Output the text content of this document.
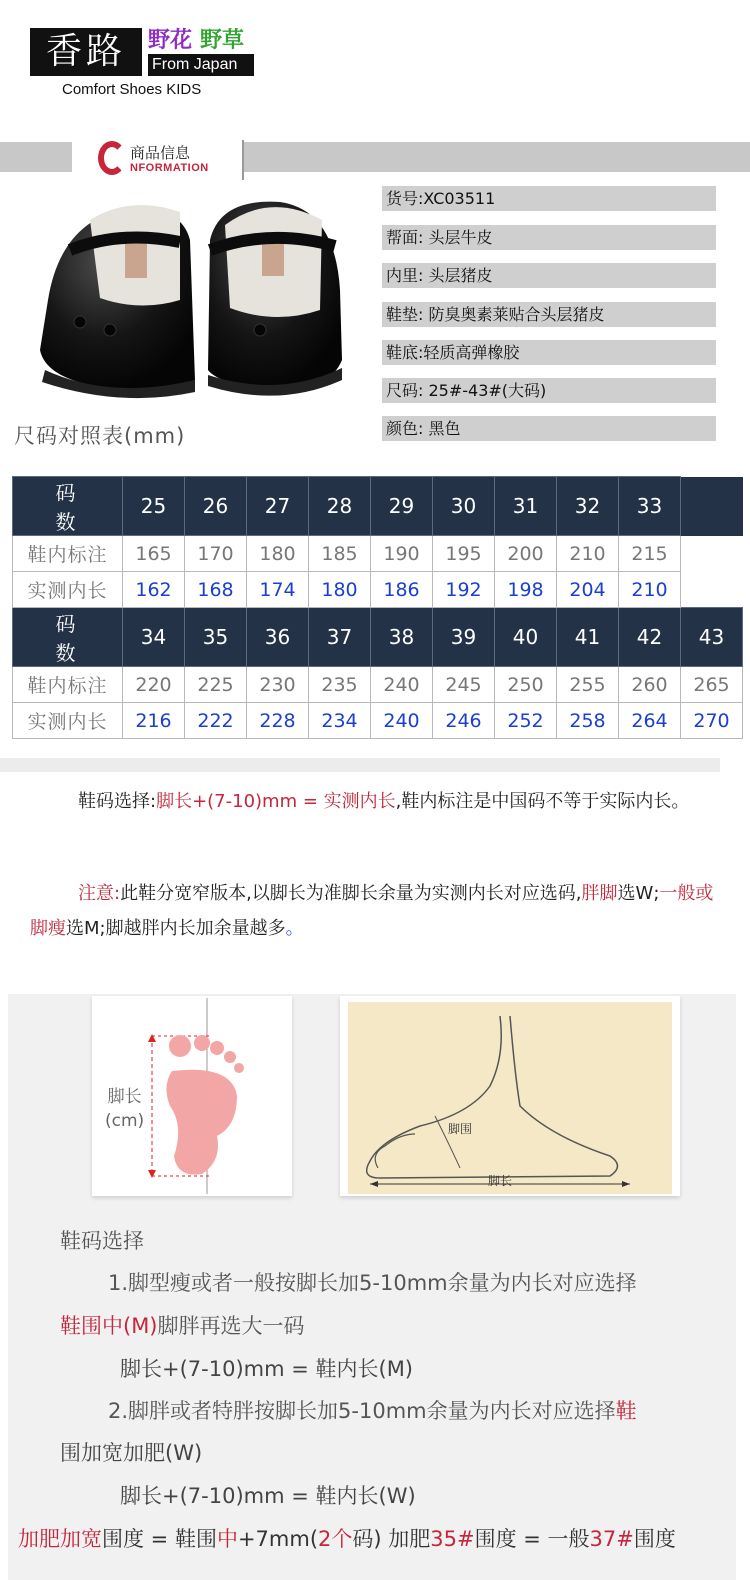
香路	野花 野草
From Japan
Comfort Shoes KIDS
商品信息
NFORMATION
尺码对照表(mm)
货号:XC03511
帮面: 头层牛皮
内里: 头层猪皮
鞋垫: 防臭奥素莱贴合头层猪皮
鞋底:轻质高弹橡胶
尺码: 25#-43#(大码)
颜色: 黑色
码 数	25	26	27	28	29	30	31	32	33	
鞋内标注	165	170	180	185	190	195	200	210	215	
实测内长	162	168	174	180	186	192	198	204	210	
码 数	34	35	36	37	38	39	40	41	42	43
鞋内标注	220	225	230	235	240	245	250	255	260	265
实测内长	216	222	228	234	240	246	252	258	264	270
鞋码选择:脚长+(7-10)mm = 实测内长,鞋内标注是中国码不等于实际内长。
注意:此鞋分宽窄版本,以脚长为准脚长余量为实测内长对应选码,胖脚选W;一般或脚瘦选M;脚越胖内长加余量越多。
脚长
(cm)	脚围
脚长
鞋码选择
1.脚型瘦或者一般按脚长加5-10mm余量为内长对应选择
鞋围中(M)脚胖再选大一码
脚长+(7-10)mm = 鞋内长(M)
2.脚胖或者特胖按脚长加5-10mm余量为内长对应选择鞋
围加宽加肥(W)
脚长+(7-10)mm = 鞋内长(W)
加肥加宽围度 = 鞋围中+7mm(2个码) 加肥35#围度 = 一般37#围度
